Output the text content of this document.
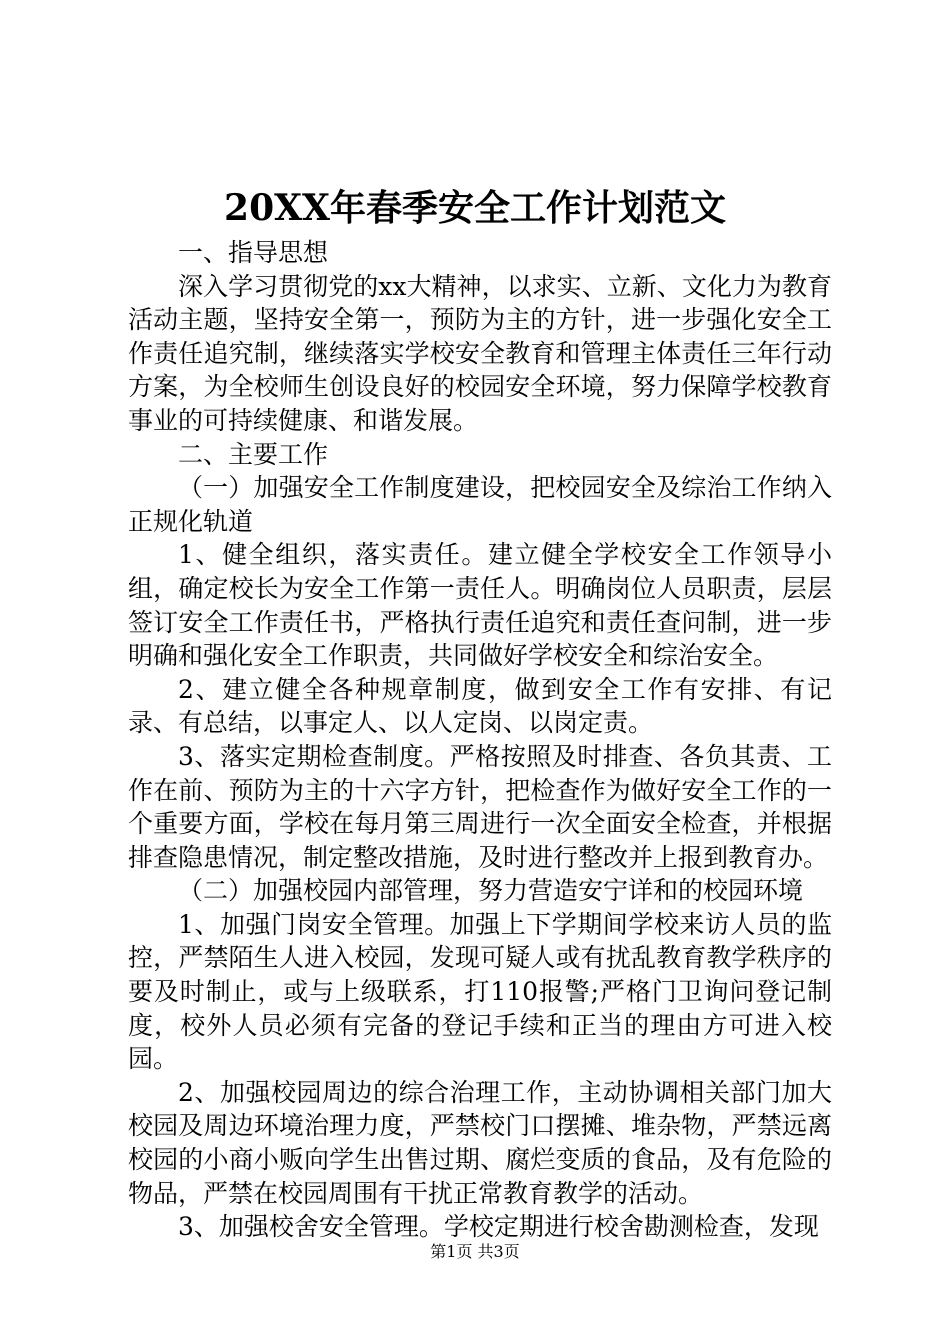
20XX年春季安全工作计划范文

一、指导思想

深入学习贯彻党的xx大精神，以求实、立新、文化力为教育活动主题，坚持安全第一，预防为主的方针，进一步强化安全工作责任追究制，继续落实学校安全教育和管理主体责任三年行动方案，为全校师生创设良好的校园安全环境，努力保障学校教育事业的可持续健康、和谐发展。

二、主要工作

（一）加强安全工作制度建设，把校园安全及综治工作纳入正规化轨道

1、健全组织，落实责任。建立健全学校安全工作领导小组，确定校长为安全工作第一责任人。明确岗位人员职责，层层签订安全工作责任书，严格执行责任追究和责任查问制，进一步明确和强化安全工作职责，共同做好学校安全和综治安全。

2、建立健全各种规章制度，做到安全工作有安排、有记录、有总结，以事定人、以人定岗、以岗定责。

3、落实定期检查制度。严格按照及时排查、各负其责、工作在前、预防为主的十六字方针，把检查作为做好安全工作的一个重要方面，学校在每月第三周进行一次全面安全检查，并根据排查隐患情况，制定整改措施，及时进行整改并上报到教育办。

（二）加强校园内部管理，努力营造安宁详和的校园环境

1、加强门岗安全管理。加强上下学期间学校来访人员的监控，严禁陌生人进入校园，发现可疑人或有扰乱教育教学秩序的要及时制止，或与上级联系，打110报警;严格门卫询问登记制度，校外人员必须有完备的登记手续和正当的理由方可进入校园。

2、加强校园周边的综合治理工作，主动协调相关部门加大校园及周边环境治理力度，严禁校门口摆摊、堆杂物，严禁远离校园的小商小贩向学生出售过期、腐烂变质的食品，及有危险的物品，严禁在校园周围有干扰正常教育教学的活动。

3、加强校舍安全管理。学校定期进行校舍勘测检查，发现

第1页 共3页
